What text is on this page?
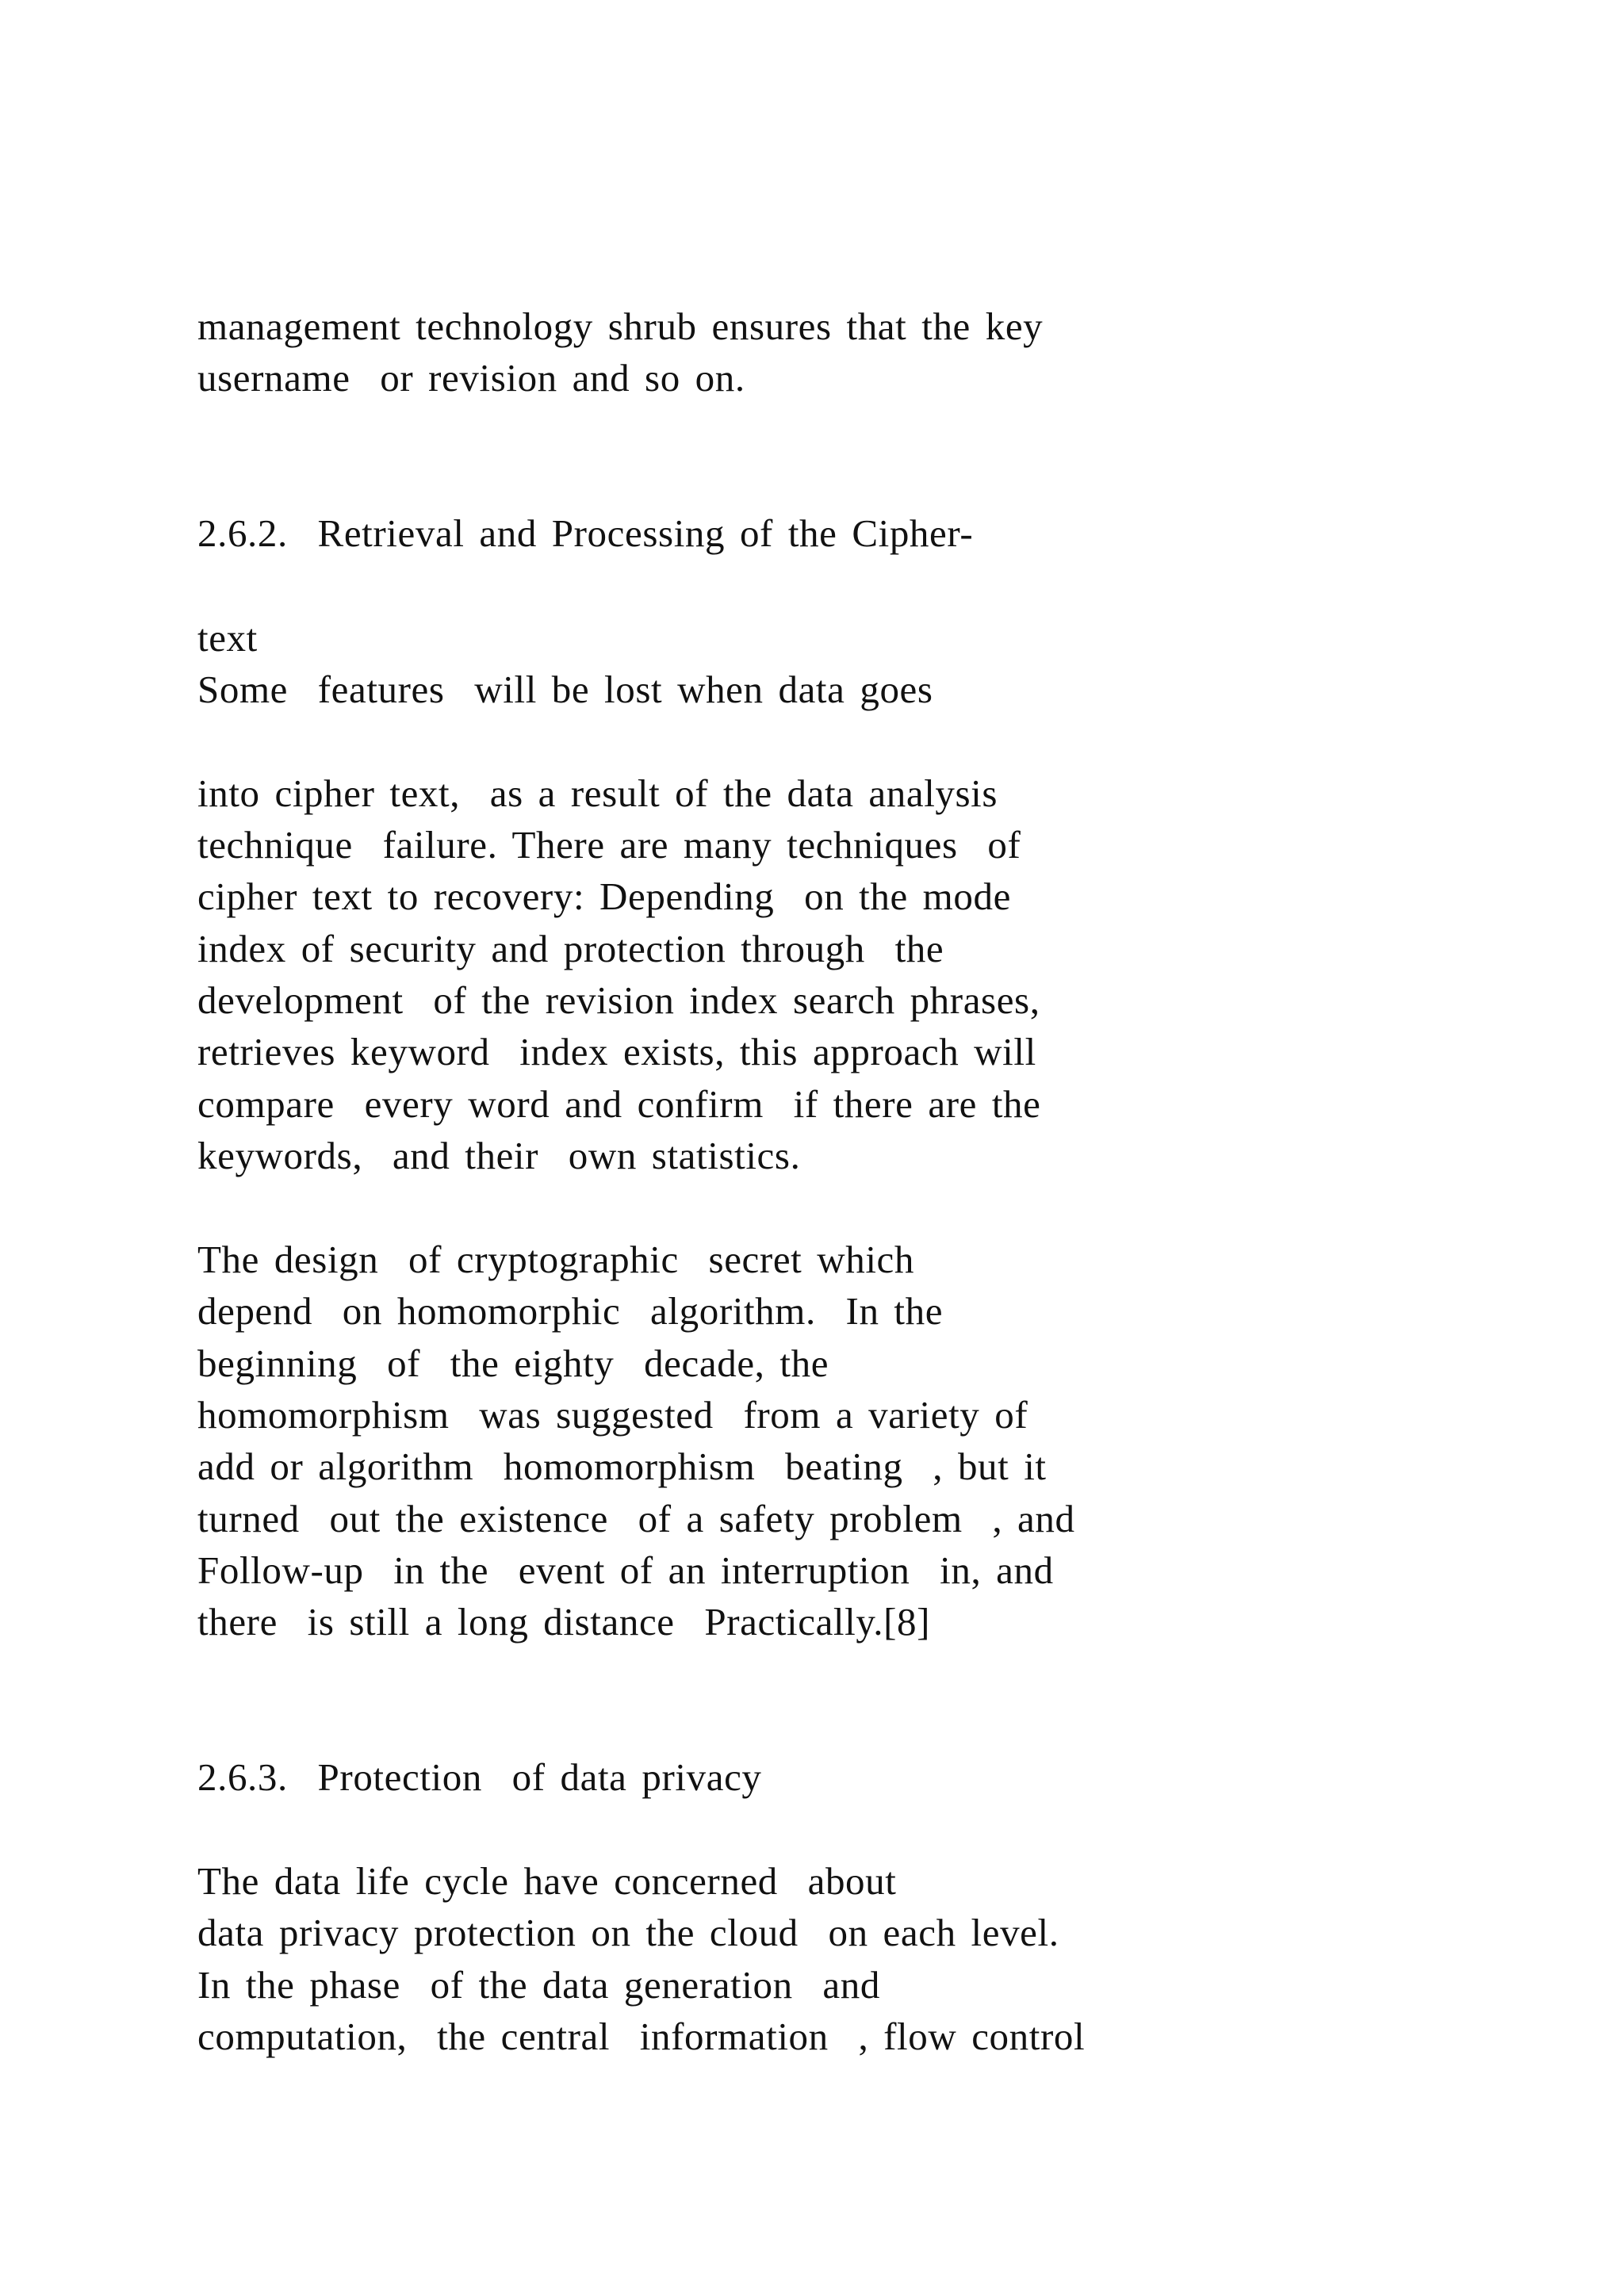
management technology shrub ensures that the key

username  or revision and so on.

2.6.2.  Retrieval and Processing of the Cipher-

text

Some  features  will be lost when data goes

into cipher text,  as a result of the data analysis

technique  failure. There are many techniques  of

cipher text to recovery: Depending  on the mode

index of security and protection through  the

development  of the revision index search phrases,

retrieves keyword  index exists, this approach will

compare  every word and confirm  if there are the

keywords,  and their  own statistics.

The design  of cryptographic  secret which

depend  on homomorphic  algorithm.  In the

beginning  of  the eighty  decade, the

homomorphism  was suggested  from a variety of

add or algorithm  homomorphism  beating  , but it

turned  out the existence  of a safety problem  , and

Follow-up  in the  event of an interruption  in, and

there  is still a long distance  Practically.[8]

2.6.3.  Protection  of data privacy

The data life cycle have concerned  about

data privacy protection on the cloud  on each level.

In the phase  of the data generation  and

computation,  the central  information  , flow control
